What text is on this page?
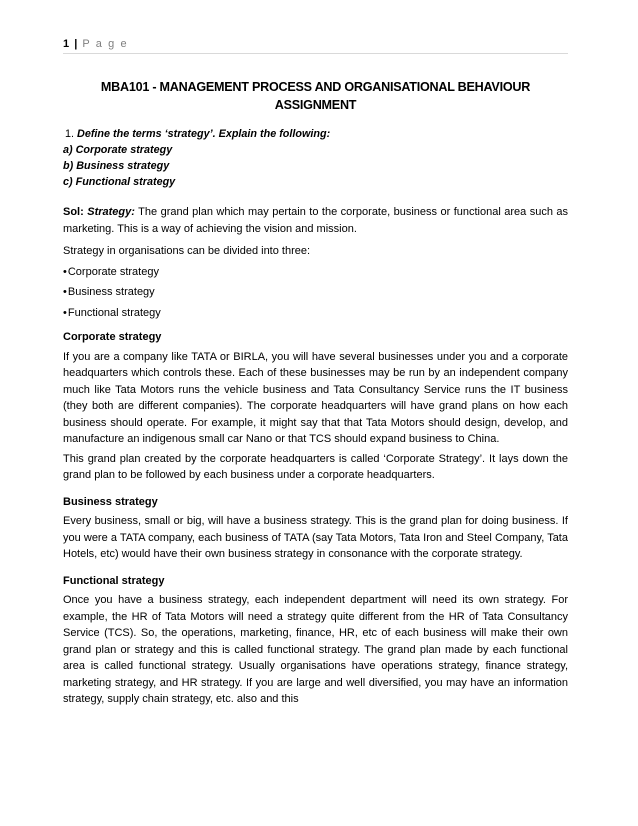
1 | P a g e
MBA101 - MANAGEMENT PROCESS AND ORGANISATIONAL BEHAVIOUR
ASSIGNMENT

1. Define the terms ‘strategy’. Explain the following:

a) Corporate strategy

b) Business strategy

c) Functional strategy

Sol: Strategy: The grand plan which may pertain to the corporate, business or functional area such as marketing. This is a way of achieving the vision and mission.

Strategy in organisations can be divided into three:

•Corporate strategy

•Business strategy

•Functional strategy

Corporate strategy

If you are a company like TATA or BIRLA, you will have several businesses under you and a corporate headquarters which controls these. Each of these businesses may be run by an independent company much like Tata Motors runs the vehicle business and Tata Consultancy Service runs the IT business (they both are different companies). The corporate headquarters will have grand plans on how each business should operate. For example, it might say that that Tata Motors should design, develop, and manufacture an indigenous small car Nano or that TCS should expand business to China.

This grand plan created by the corporate headquarters is called ‘Corporate Strategy’. It lays down the grand plan to be followed by each business under a corporate headquarters.

Business strategy

Every business, small or big, will have a business strategy. This is the grand plan for doing business. If you were a TATA company, each business of TATA (say Tata Motors, Tata Iron and Steel Company, Tata Hotels, etc) would have their own business strategy in consonance with the corporate strategy.

Functional strategy

Once you have a business strategy, each independent department will need its own strategy. For example, the HR of Tata Motors will need a strategy quite different from the HR of Tata Consultancy Service (TCS). So, the operations, marketing, finance, HR, etc of each business will make their own grand plan or strategy and this is called functional strategy. The grand plan made by each functional area is called functional strategy. Usually organisations have operations strategy, finance strategy, marketing strategy, and HR strategy. If you are large and well diversified, you may have an information strategy, supply chain strategy, etc. also and this
